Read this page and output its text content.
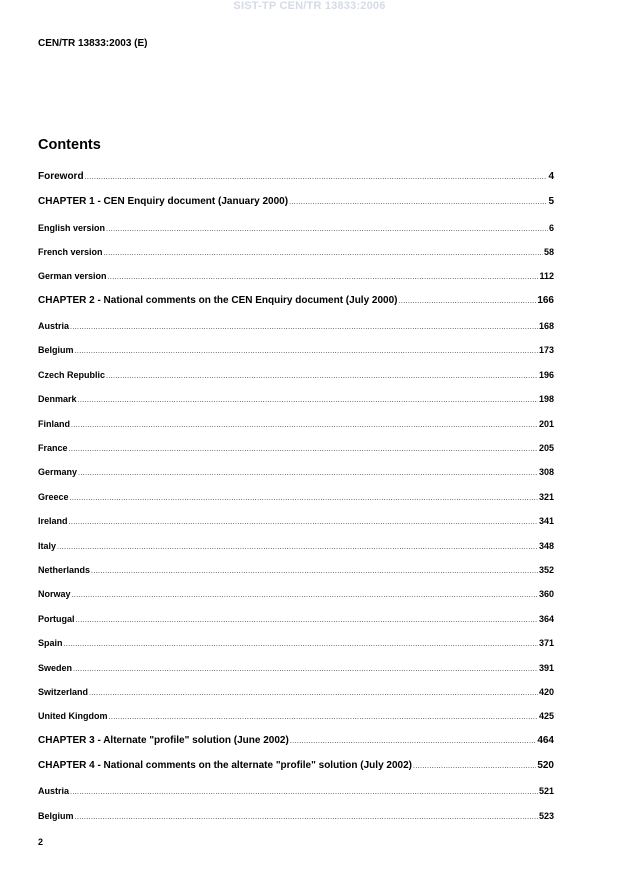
SIST-TP CEN/TR 13833:2006
CEN/TR 13833:2003 (E)
Contents
Foreword .....	4
CHAPTER 1 - CEN Enquiry document (January 2000) .....	5
English version .....	6
French version .....	58
German version .....	112
CHAPTER 2 - National comments on the CEN Enquiry document (July 2000) .....	166
Austria .....	168
Belgium .....	173
Czech Republic .....	196
Denmark .....	198
Finland .....	201
France .....	205
Germany .....	308
Greece .....	321
Ireland .....	341
Italy .....	348
Netherlands .....	352
Norway .....	360
Portugal .....	364
Spain .....	371
Sweden .....	391
Switzerland .....	420
United Kingdom .....	425
CHAPTER 3 - Alternate "profile" solution (June 2002) .....	464
CHAPTER 4 - National comments on the alternate "profile" solution (July 2002) .....	520
Austria .....	521
Belgium .....	523
2
